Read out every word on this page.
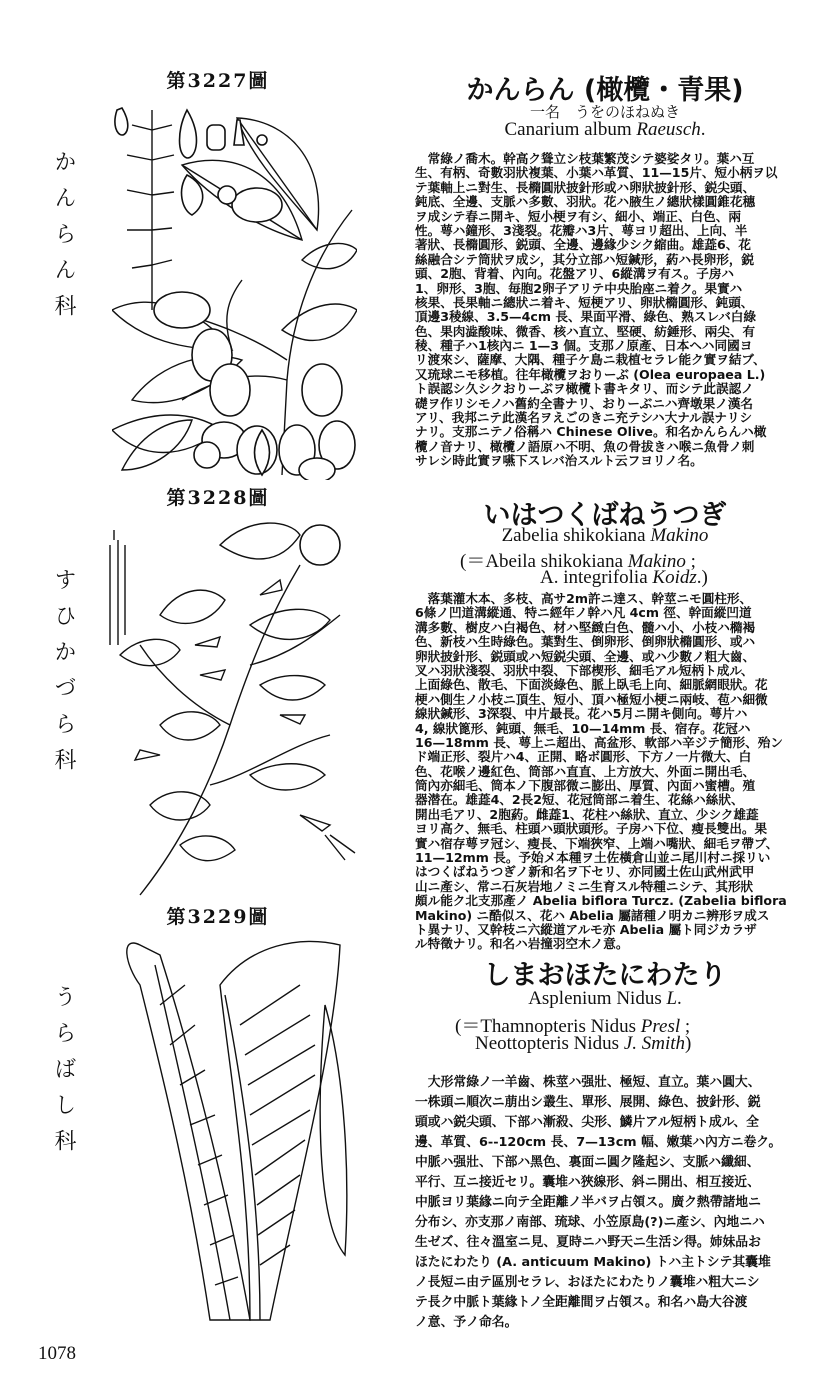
第3227圖
かんらん科
第3228圖
すひかづら科
第3229圖
うらばし科
かんらん (橄欖・青果)
一名　うをのほねぬき
Canarium album Raeusch.
　常綠ノ喬木。幹高ク聳立シ枝葉繁茂シテ婆娑タリ。葉ハ互
生、有柄、奇數羽狀複葉、小葉ハ革質、11—15片、短小柄ヲ以
テ葉軸上ニ對生、長橢圓狀披針形或ハ卵狀披針形、鋭尖頭、
鈍底、全邊、支脈ハ多數、羽狀。花ハ腋生ノ總狀樣圓錐花穗
ヲ成シテ春ニ開キ、短小梗ヲ有シ、細小、端正、白色、兩
性。萼ハ鐘形、3淺裂。花瓣ハ3片、萼ヨリ超出、上向、半
著狀、長橢圓形、鋭頭、全邊、邊緣少シク縮曲。雄蕋6、花
絲融合シテ筒狀ヲ成シ，其分立部ハ短鍼形，葯ハ長卵形，鋭
頭、2胞、背着、內向。花盤アリ、6縱溝ヲ有ス。子房ハ
1、卵形、3胞、毎胞2卵子アリテ中央胎座ニ着ク。果實ハ
核果、長果軸ニ總狀ニ着キ、短梗アリ、卵狀橢圓形、鈍頭、
頂邊3稜線、3.5—4cm 長、果面平滑、綠色、熟スレバ白綠
色、果肉澁酸味、微香、核ハ直立、堅硬、紡錘形、兩尖、有
稜、種子ハ1核內ニ 1—3 個。支那ノ原產、日本ヘハ同國ヨ
リ渡來シ、薩摩、大隅、種子ケ島ニ栽植セラレ能ク實ヲ結ブ、
又琉球ニモ移植。往年橄欖ヲおりーぶ (Olea europaea L.)
ト誤認シ久シクおりーぶヲ橄欖ト書キタリ、而シテ此誤認ノ
礎ヲ作リシモノハ舊約全書ナリ、おりーぶニハ齊墩果ノ漢名
アリ、我邦ニテ此漢名ヲえごのきニ充テシハ大ナル誤ナリシ
ナリ。支那ニテノ俗稱ハ Chinese Olive。和名かんらんハ橄
欖ノ音ナリ、橄欖ノ語原ハ不明、魚の骨拔きハ喉ニ魚骨ノ刺
サレシ時此實ヲ嚥下スレバ治スルト云フヨリノ名。
いはつくばねうつぎ
Zabelia shikokiana Makino
(＝Abeila shikokiana Makino ;
A. integrifolia Koidz.)
　落葉灌木本、多枝、高サ2m許ニ達ス、幹莖ニモ圓柱形、
6條ノ凹道溝縱通、特ニ經年ノ幹ハ凡 4cm 徑、幹面縱凹道
溝多數、樹皮ハ白褐色、材ハ堅緻白色、髓ハ小、小枝ハ橢褐
色、新枝ハ生時綠色。葉對生、倒卵形、倒卵狀橢圓形、或ハ
卵狀披針形、鋭頭或ハ短鋭尖頭、全邊、或ハ少數ノ粗大齒、
叉ハ羽狀淺裂、羽狀中裂、下部楔形、細毛アル短柄ト成ル、
上面綠色、散毛、下面淡綠色、脈上臥毛上向、細脈網眼狀。花
梗ハ側生ノ小枝ニ頂生、短小、頂ハ極短小梗ニ兩岐、苞ハ細微
線狀鍼形、3深裂、中片最長。花ハ5月ニ開キ側向。萼片ハ
4, 線狀篦形、鈍頭、無毛、10—14mm 長、宿存。花冠ハ
16—18mm 長、萼上ニ超出、高盆形、軟部ハ辛ジテ簡形、殆ン
ド端正形、裂片ハ4、正開、略ボ圓形、下方ノ一片微大、白
色、花喉ノ邊紅色、筒部ハ直直、上方放大、外面ニ開出毛、
筒內亦細毛、筒本ノ下腹部微ニ膨出、厚質、內面ハ蜜槽。殖
器潜在。雄蕋4、2長2短、花冠筒部ニ着生、花絲ハ絲狀、
開出毛アリ、2胞葯。雌蕋1、花柱ハ絲狀、直立、少シク雄蕋
ヨリ高ク、無毛、柱頭ハ頭狀頭形。子房ハ下位、瘦長雙出。果
實ハ宿存萼ヲ冠シ、瘦長、下端狹窄、上端ハ嘴狀、細毛ヲ帶ブ、
11—12mm 長。予始メ本種ヲ土佐橫倉山並ニ尾川村ニ採リい
はつくばねうつぎノ新和名ヲ下セリ、亦同國土佐山武州武甲
山ニ產シ、常ニ石灰岩地ノミニ生育スル特種ニシテ、其形狀
頗ル能ク北支那產ノ Abelia biflora Turcz. (Zabelia biflora
Makino) ニ酷似ス、花ハ Abelia 屬諸種ノ明カニ辨形ヲ成ス
ト異ナリ、又幹枝ニ六縱道アルモ亦 Abelia 屬ト同ジカラザ
ル特徵ナリ。和名ハ岩撞羽空木ノ意。
しまおほたにわたり
Asplenium Nidus L.
(＝Thamnopteris Nidus Presl ;
Neottopteris Nidus J. Smith)
　大形常綠ノ一羊齒、株莖ハ强壯、極短、直立。葉ハ圓大、
一株頭ニ順次ニ萠出シ叢生、單形、展開、綠色、披針形、鋭
頭或ハ鋭尖頭、下部ハ漸殺、尖形、鱗片アル短柄ト成ル、全
邊、革質、6--120cm 長、7—13cm 幅、嫩葉ハ內方ニ卷ク。
中脈ハ强壯、下部ハ黑色、裏面ニ圓ク隆起シ、支脈ハ纖細、
平行、互ニ接近セリ。囊堆ハ狹線形、斜ニ開出、相互接近、
中脈ヨリ葉緣ニ向テ全距離ノ半バヲ占領ス。廣ク熱帶諸地ニ
分布シ、亦支那ノ南部、琉球、小笠原島(?)ニ產シ、內地ニハ
生ゼズ、往々溫室ニ見、夏時ニハ野天ニ生活シ得。姉妹品お
ほたにわたり (A. anticuum Makino) トハ主トシテ其囊堆
ノ長短ニ由テ區別セラレ、おほたにわたりノ囊堆ハ粗大ニシ
テ長ク中脈ト葉緣トノ全距離間ヲ占領ス。和名ハ島大谷渡
ノ意、予ノ命名。
1078
